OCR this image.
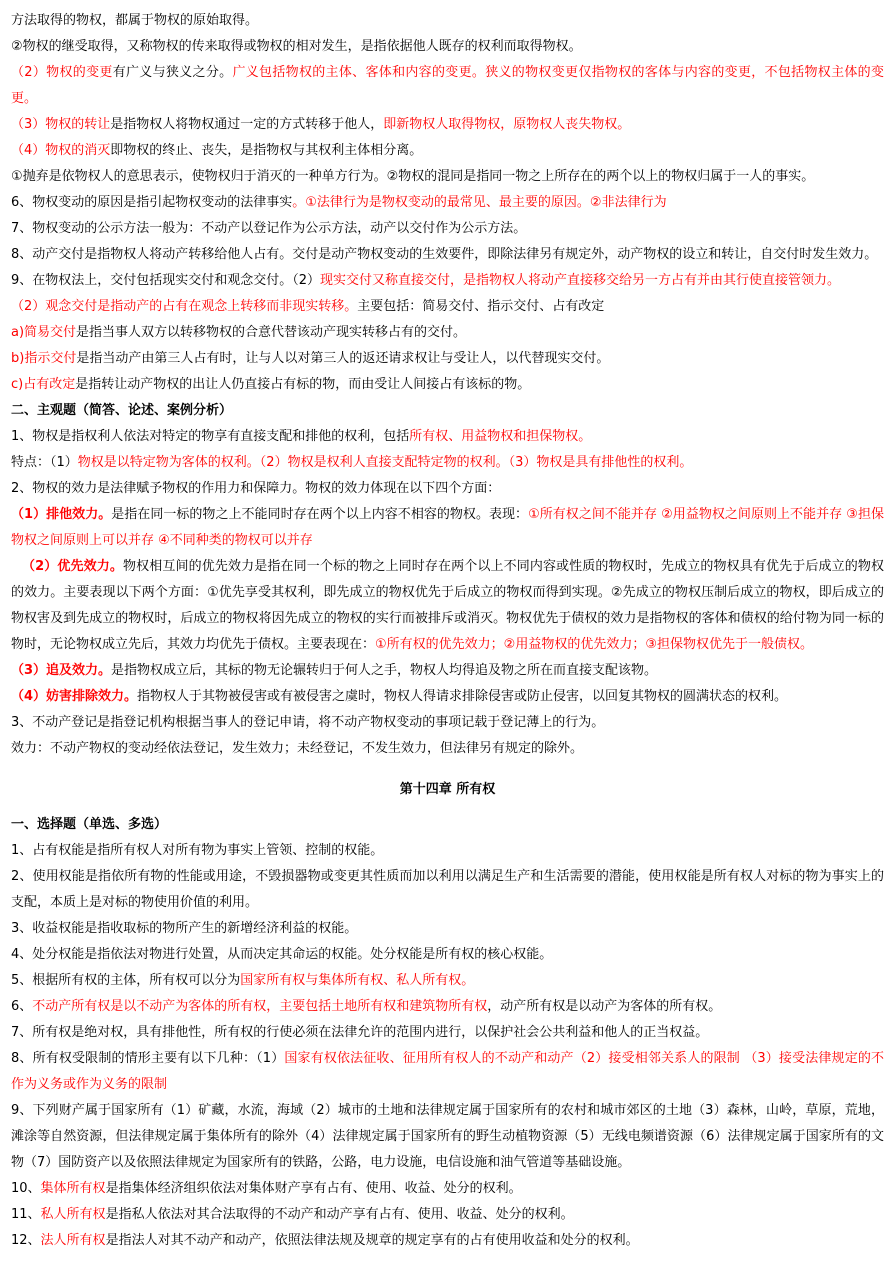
方法取得的物权，都属于物权的原始取得。

②物权的继受取得，又称物权的传来取得或物权的相对发生，是指依据他人既存的权利而取得物权。

（2）物权的变更有广义与狭义之分。广义包括物权的主体、客体和内容的变更。狭义的物权变更仅指物权的客体与内容的变更，不包括物权主体的变更。

（3）物权的转让是指物权人将物权通过一定的方式转移于他人，即新物权人取得物权，原物权人丧失物权。

（4）物权的消灭即物权的终止、丧失，是指物权与其权利主体相分离。

①抛弃是依物权人的意思表示，使物权归于消灭的一种单方行为。②物权的混同是指同一物之上所存在的两个以上的物权归属于一人的事实。

6、物权变动的原因是指引起物权变动的法律事实。①法律行为是物权变动的最常见、最主要的原因。②非法律行为

7、物权变动的公示方法一般为：不动产以登记作为公示方法，动产以交付作为公示方法。

8、动产交付是指物权人将动产转移给他人占有。交付是动产物权变动的生效要件，即除法律另有规定外，动产物权的设立和转让，自交付时发生效力。

9、在物权法上，交付包括现实交付和观念交付。（2）现实交付又称直接交付，是指物权人将动产直接移交给另一方占有并由其行使直接管领力。

（2）观念交付是指动产的占有在观念上转移而非现实转移。主要包括：简易交付、指示交付、占有改定

a)简易交付是指当事人双方以转移物权的合意代替该动产现实转移占有的交付。

b)指示交付是指当动产由第三人占有时，让与人以对第三人的返还请求权让与受让人，以代替现实交付。

c)占有改定是指转让动产物权的出让人仍直接占有标的物，而由受让人间接占有该标的物。

二、主观题（简答、论述、案例分析）

1、物权是指权利人依法对特定的物享有直接支配和排他的权利，包括所有权、用益物权和担保物权。

特点：（1）物权是以特定物为客体的权利。（2）物权是权利人直接支配特定物的权利。（3）物权是具有排他性的权利。

2、物权的效力是法律赋予物权的作用力和保障力。物权的效力体现在以下四个方面：

（1）排他效力。是指在同一标的物之上不能同时存在两个以上内容不相容的物权。表现：①所有权之间不能并存 ②用益物权之间原则上不能并存 ③担保物权之间原则上可以并存 ④不同种类的物权可以并存

（2）优先效力。物权相互间的优先效力是指在同一个标的物之上同时存在两个以上不同内容或性质的物权时，先成立的物权具有优先于后成立的物权的效力。主要表现以下两个方面：①优先享受其权利，即先成立的物权优先于后成立的物权而得到实现。②先成立的物权压制后成立的物权，即后成立的物权害及到先成立的物权时，后成立的物权将因先成立的物权的实行而被排斥或消灭。物权优先于债权的效力是指物权的客体和债权的给付物为同一标的物时，无论物权成立先后，其效力均优先于债权。主要表现在：①所有权的优先效力；②用益物权的优先效力；③担保物权优先于一般债权。

（3）追及效力。是指物权成立后，其标的物无论辗转归于何人之手，物权人均得追及物之所在而直接支配该物。

（4）妨害排除效力。指物权人于其物被侵害或有被侵害之虞时，物权人得请求排除侵害或防止侵害，以回复其物权的圆满状态的权利。

3、不动产登记是指登记机构根据当事人的登记申请，将不动产物权变动的事项记载于登记薄上的行为。

效力：不动产物权的变动经依法登记，发生效力；未经登记，不发生效力，但法律另有规定的除外。

第十四章 所有权

一、选择题（单选、多选）

1、占有权能是指所有权人对所有物为事实上管领、控制的权能。

2、使用权能是指依所有物的性能或用途，不毁损器物或变更其性质而加以利用以满足生产和生活需要的潜能，使用权能是所有权人对标的物为事实上的支配，本质上是对标的物使用价值的利用。

3、收益权能是指收取标的物所产生的新增经济利益的权能。

4、处分权能是指依法对物进行处置，从而决定其命运的权能。处分权能是所有权的核心权能。

5、根据所有权的主体，所有权可以分为国家所有权与集体所有权、私人所有权。

6、不动产所有权是以不动产为客体的所有权，主要包括土地所有权和建筑物所有权，动产所有权是以动产为客体的所有权。

7、所有权是绝对权，具有排他性，所有权的行使必须在法律允许的范围内进行，以保护社会公共利益和他人的正当权益。

8、所有权受限制的情形主要有以下几种：（1）国家有权依法征收、征用所有权人的不动产和动产（2）接受相邻关系人的限制 （3）接受法律规定的不作为义务或作为义务的限制

9、下列财产属于国家所有（1）矿藏，水流，海域（2）城市的土地和法律规定属于国家所有的农村和城市郊区的土地（3）森林，山岭，草原，荒地，滩涂等自然资源，但法律规定属于集体所有的除外（4）法律规定属于国家所有的野生动植物资源（5）无线电频谱资源（6）法律规定属于国家所有的文物（7）国防资产以及依照法律规定为国家所有的铁路，公路，电力设施，电信设施和油气管道等基础设施。

10、集体所有权是指集体经济组织依法对集体财产享有占有、使用、收益、处分的权利。

11、私人所有权是指私人依法对其合法取得的不动产和动产享有占有、使用、收益、处分的权利。

12、法人所有权是指法人对其不动产和动产，依照法律法规及规章的规定享有的占有使用收益和处分的权利。
